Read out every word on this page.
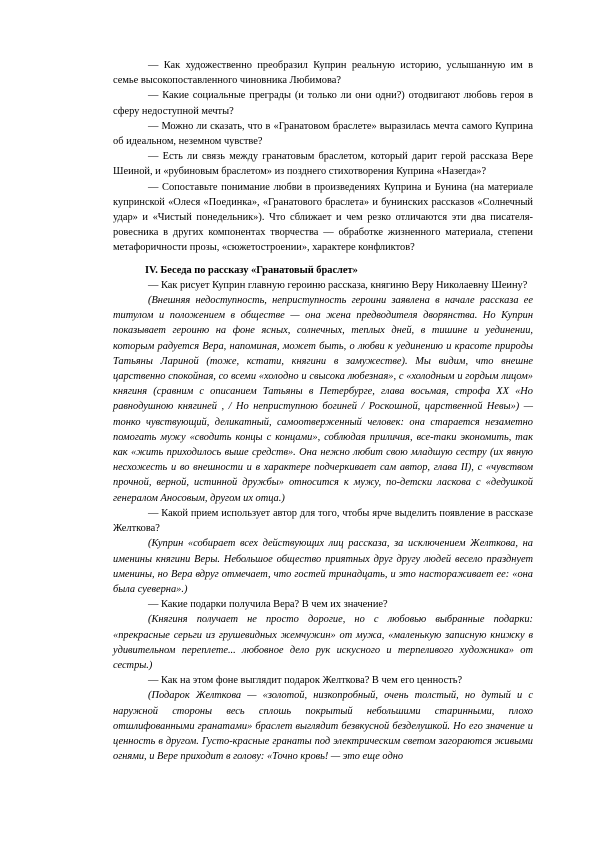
— Как художественно преобразил Куприн реальную историю, услышанную им в семье высокопоставленного чиновника Любимова?

— Какие социальные преграды (и только ли они одни?) отодвигают любовь героя в сферу недоступной мечты?

— Можно ли сказать, что в «Гранатовом браслете» выразилась мечта самого Куприна об идеальном, неземном чувстве?

— Есть ли связь между гранатовым браслетом, который дарит герой рассказа Вере Шеиной, и «рубиновым браслетом» из позднего стихотворения Куприна «Назегда»?

— Сопоставьте понимание любви в произведениях Куприна и Бунина (на материале купринской «Олеся «Поединка», «Гранатового браслета» и бунинских рассказов «Солнечный удар» и «Чистый понедельник»). Что сближает и чем резко отличаются эти два писателя-ровесника в других компонентах творчества — обработке жизненного материала, степени метафоричности прозы, «сюжетостроении», характере конфликтов?

IV. Беседа по рассказу «Гранатовый браслет»

— Как рисует Куприн главную героиню рассказа, княгиню Веру Николаевну Шеину?

(Внешняя недоступность, неприступность героини заявлена в начале рассказа ее титулом и положением в обществе — она жена предводителя дворянства. Но Куприн показывает героиню на фоне ясных, солнечных, теплых дней, в тишине и уединении, которым радуется Вера, напоминая, может быть, о любви к уединению и красоте природы Татьяны Лариной (тоже, кстати, княгини в замужестве). Мы видим, что внешне царственно спокойная, со всеми «холодно и свысока любезная», с «холодным и гордым лицом» княгиня (сравним с описанием Татьяны в Петербурге, глава восьмая, строфа XX «Но равнодушною княгиней , / Но неприступною богиней / Роскошной, царственной Невы») — тонко чувствующий, деликатный, самоотверженный человек: она старается незаметно помогать мужу «сводить концы с концами», соблюдая приличия, все-таки экономить, так как «жить приходилось выше средств». Она нежно любит свою младшую сестру (их явную несхожесть и во внешности и в характере подчеркивает сам автор, глава II), с «чувством прочной, верной, истинной дружбы» относится к мужу, по-детски ласкова с «дедушкой генералом Аносовым, другом их отца.)

— Какой прием использует автор для того, чтобы ярче выделить появление в рассказе Желткова?

(Куприн «собирает всех действующих лиц рассказа, за исключением Желткова, на именины княгини Веры. Небольшое общество приятных друг другу людей весело празднует именины, но Вера вдруг отмечает, что гостей тринадцать, и это настораживает ее: «она была суеверна».)

— Какие подарки получила Вера? В чем их значение?

(Княгиня получает не просто дорогие, но с любовью выбранные подарки: «прекрасные серьги из грушевидных жемчужин» от мужа, «маленькую записную книжку в удивительном переплете... любовное дело рук искусного и терпеливого художника» от сестры.)

— Как на этом фоне выглядит подарок Желткова? В чем его ценность?

(Подарок Желткова — «золотой, низкопробный, очень толстый, но дутый и с наружной стороны весь сплошь покрытый небольшими старинными, плохо отшлифованными гранатами» браслет выглядит безвкусной безделушкой. Но его значение и ценность в другом. Густо-красные гранаты под электрическим светом загораются живыми огнями, и Вере приходит в голову: «Точно кровь! — это еще одно
